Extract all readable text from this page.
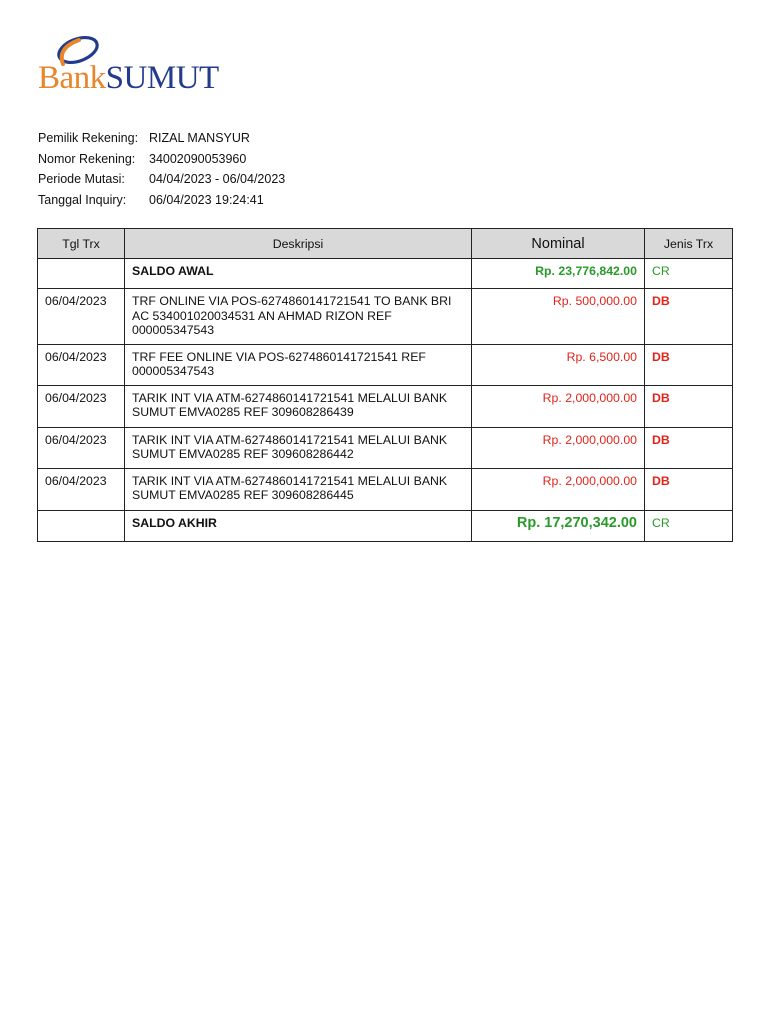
BankSUMUT
Pemilik Rekening: RIZAL MANSYUR
Nomor Rekening:	34002090053960
Periode Mutasi:	04/04/2023 - 06/04/2023
Tanggal Inquiry:	06/04/2023 19:24:41
Tgl Trx	Deskripsi	Nominal	Jenis Trx
	SALDO AWAL	Rp. 23,776,842.00	CR
06/04/2023	TRF ONLINE VIA POS-6274860141721541 TO BANK BRI AC 534001020034531 AN AHMAD RIZON REF 000005347543	Rp. 500,000.00	DB
06/04/2023	TRF FEE ONLINE VIA POS-6274860141721541 REF 000005347543	Rp. 6,500.00	DB
06/04/2023	TARIK INT VIA ATM-6274860141721541 MELALUI BANK SUMUT EMVA0285 REF 309608286439	Rp. 2,000,000.00	DB
06/04/2023	TARIK INT VIA ATM-6274860141721541 MELALUI BANK SUMUT EMVA0285 REF 309608286442	Rp. 2,000,000.00	DB
06/04/2023	TARIK INT VIA ATM-6274860141721541 MELALUI BANK SUMUT EMVA0285 REF 309608286445	Rp. 2,000,000.00	DB
	SALDO AKHIR	Rp. 17,270,342.00	CR
